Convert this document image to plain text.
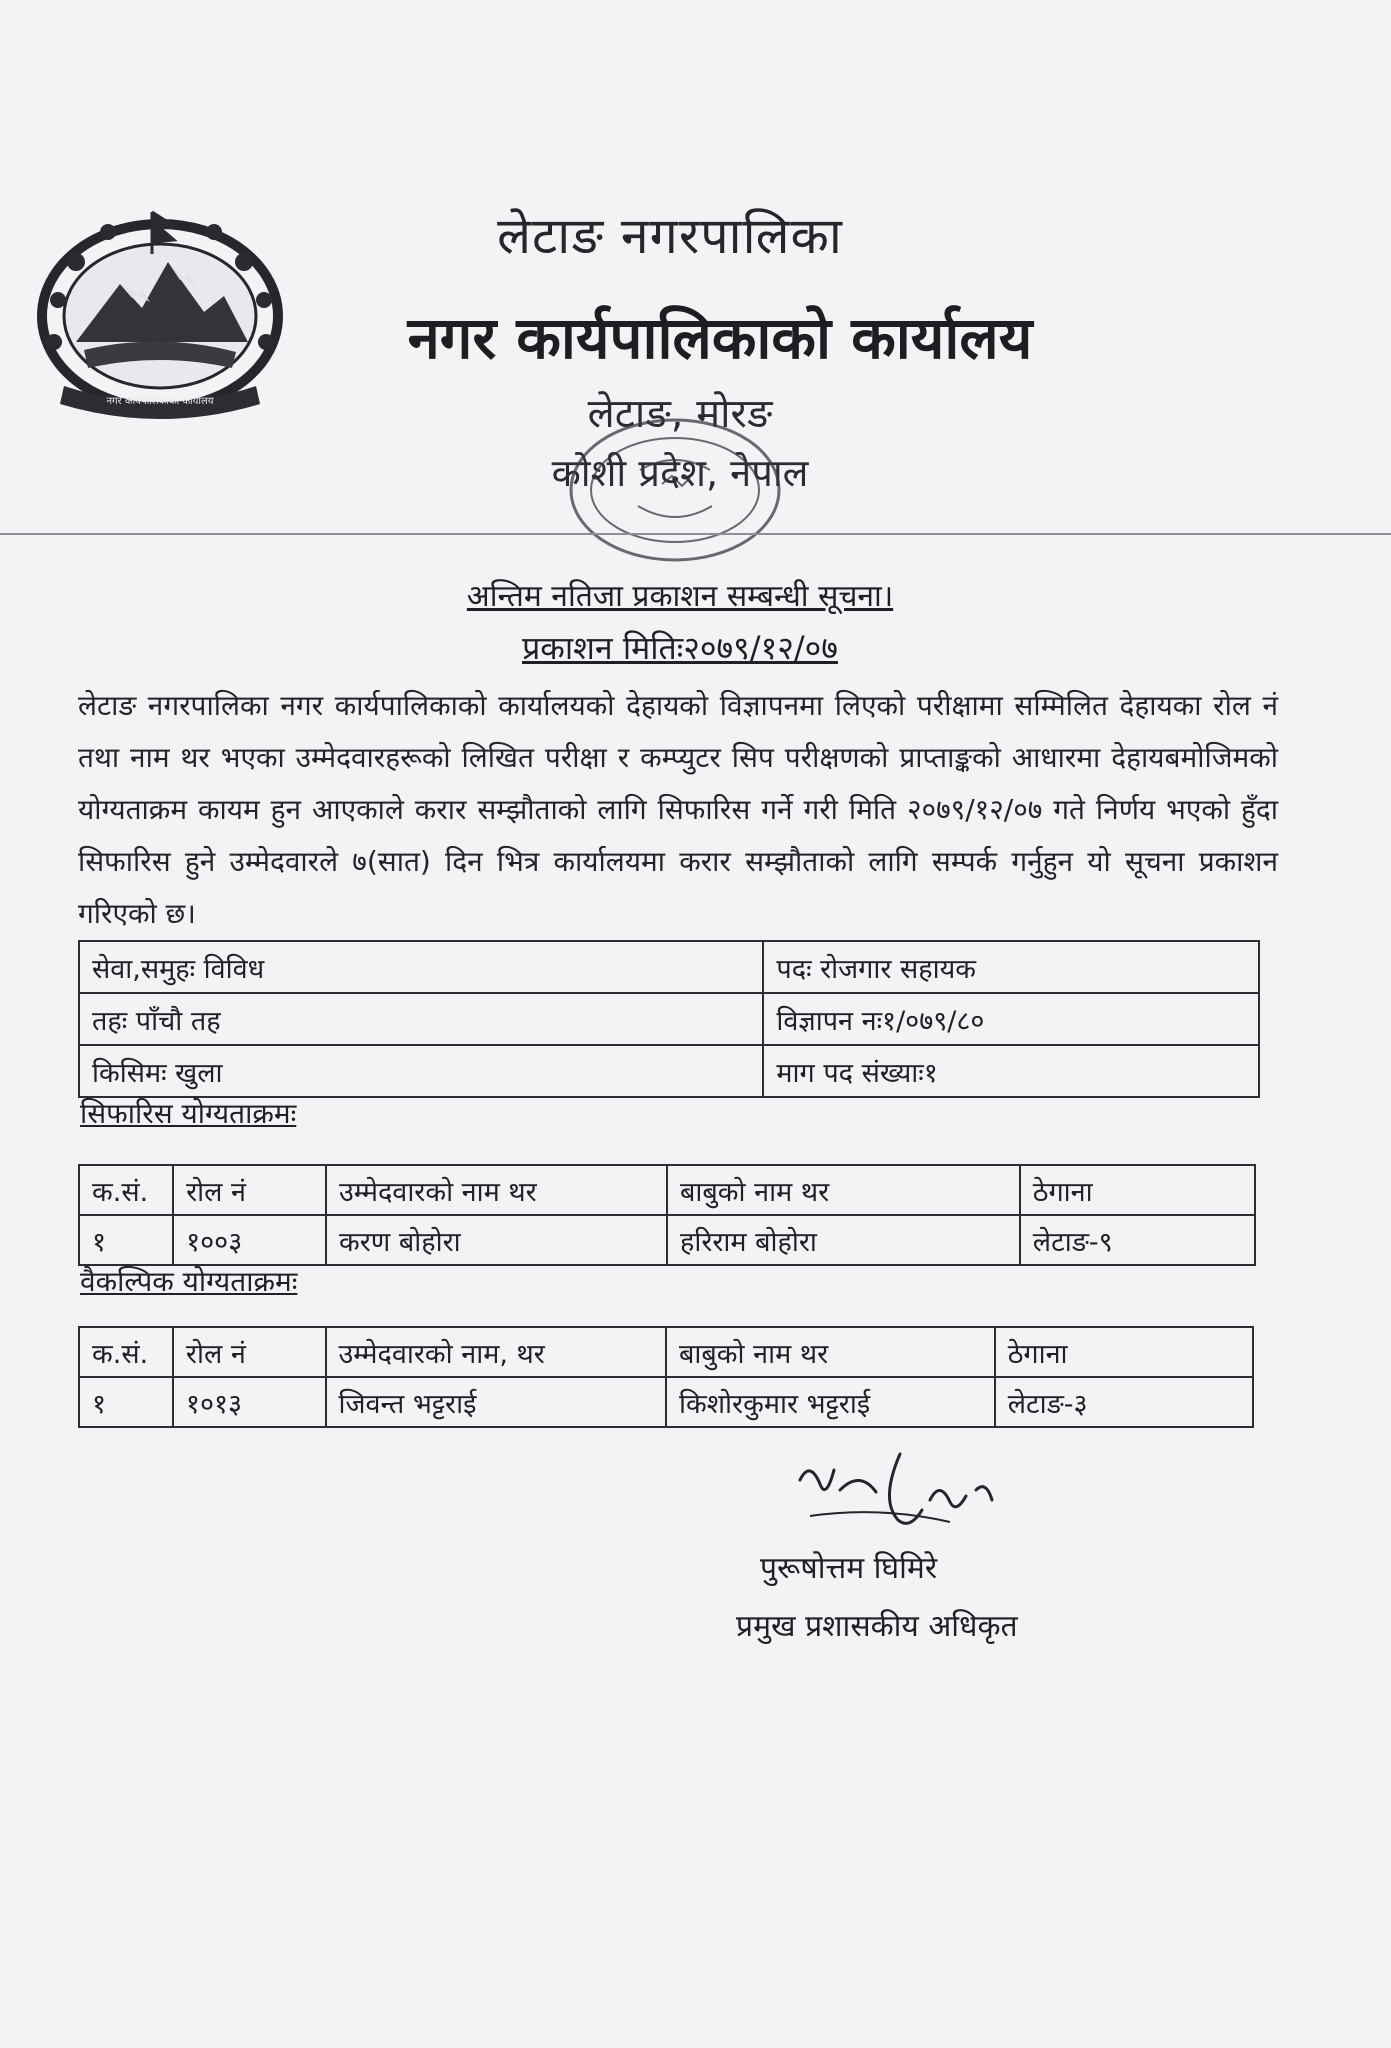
नगर कार्यपालिकाको कार्यालय
लेटाङ नगरपालिका
नगर कार्यपालिकाको कार्यालय
लेटाङ, मोरङ
कोशी प्रदेश, नेपाल
अन्तिम नतिजा प्रकाशन सम्बन्धी सूचना।
प्रकाशन मितिः२०७९/१२/०७
लेटाङ नगरपालिका नगर कार्यपालिकाको कार्यालयको देहायको विज्ञापनमा लिएको परीक्षामा सम्मिलित देहायका रोल नं तथा नाम थर भएका उम्मेदवारहरूको लिखित परीक्षा र कम्प्युटर सिप परीक्षणको प्राप्ताङ्कको आधारमा देहायबमोजिमको योग्यताक्रम कायम हुन आएकाले करार सम्झौताको लागि सिफारिस गर्ने गरी मिति २०७९/१२/०७ गते निर्णय भएको हुँदा सिफारिस हुने उम्मेदवारले ७(सात) दिन भित्र कार्यालयमा करार सम्झौताको लागि सम्पर्क गर्नुहुन यो सूचना प्रकाशन गरिएको छ।
सेवा,समुहः विविध	पदः रोजगार सहायक
तहः पाँचौ तह	विज्ञापन नः१/०७९/८०
किसिमः खुला	माग पद संख्याः१
सिफारिस योग्यताक्रमः
क.सं.	रोल नं	उम्मेदवारको नाम थर	बाबुको नाम थर	ठेगाना
१	१००३	करण बोहोरा	हरिराम बोहोरा	लेटाङ-९
वैकल्पिक योग्यताक्रमः
क.सं.	रोल नं	उम्मेदवारको नाम, थर	बाबुको नाम थर	ठेगाना
१	१०१३	जिवन्त भट्टराई	किशोरकुमार भट्टराई	लेटाङ-३
पुरूषोत्तम घिमिरे
प्रमुख प्रशासकीय अधिकृत
